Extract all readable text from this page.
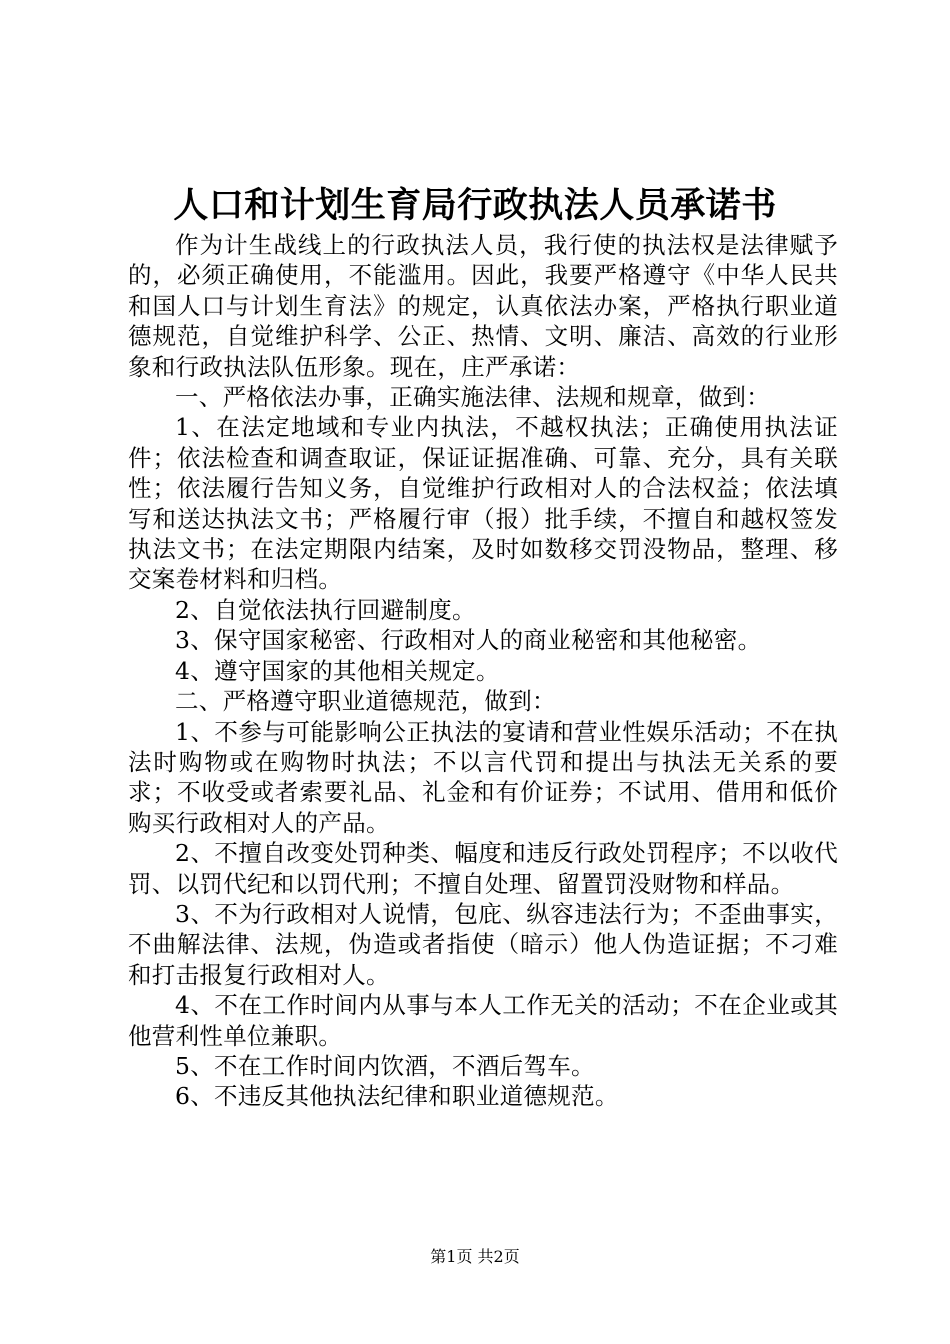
人口和计划生育局行政执法人员承诺书

作为计生战线上的行政执法人员，我行使的执法权是法律赋予的，必须正确使用，不能滥用。因此，我要严格遵守《中华人民共和国人口与计划生育法》的规定，认真依法办案，严格执行职业道德规范，自觉维护科学、公正、热情、文明、廉洁、高效的行业形象和行政执法队伍形象。现在，庄严承诺：

一、严格依法办事，正确实施法律、法规和规章，做到：

1、在法定地域和专业内执法，不越权执法；正确使用执法证件；依法检查和调查取证，保证证据准确、可靠、充分，具有关联性；依法履行告知义务，自觉维护行政相对人的合法权益；依法填写和送达执法文书；严格履行审（报）批手续，不擅自和越权签发执法文书；在法定期限内结案，及时如数移交罚没物品，整理、移交案卷材料和归档。

2、自觉依法执行回避制度。

3、保守国家秘密、行政相对人的商业秘密和其他秘密。

4、遵守国家的其他相关规定。

二、严格遵守职业道德规范，做到：

1、不参与可能影响公正执法的宴请和营业性娱乐活动；不在执法时购物或在购物时执法；不以言代罚和提出与执法无关系的要求；不收受或者索要礼品、礼金和有价证券；不试用、借用和低价购买行政相对人的产品。

2、不擅自改变处罚种类、幅度和违反行政处罚程序；不以收代罚、以罚代纪和以罚代刑；不擅自处理、留置罚没财物和样品。

3、不为行政相对人说情，包庇、纵容违法行为；不歪曲事实，不曲解法律、法规，伪造或者指使（暗示）他人伪造证据；不刁难和打击报复行政相对人。

4、不在工作时间内从事与本人工作无关的活动；不在企业或其他营利性单位兼职。

5、不在工作时间内饮酒，不酒后驾车。

6、不违反其他执法纪律和职业道德规范。

第1页 共2页
